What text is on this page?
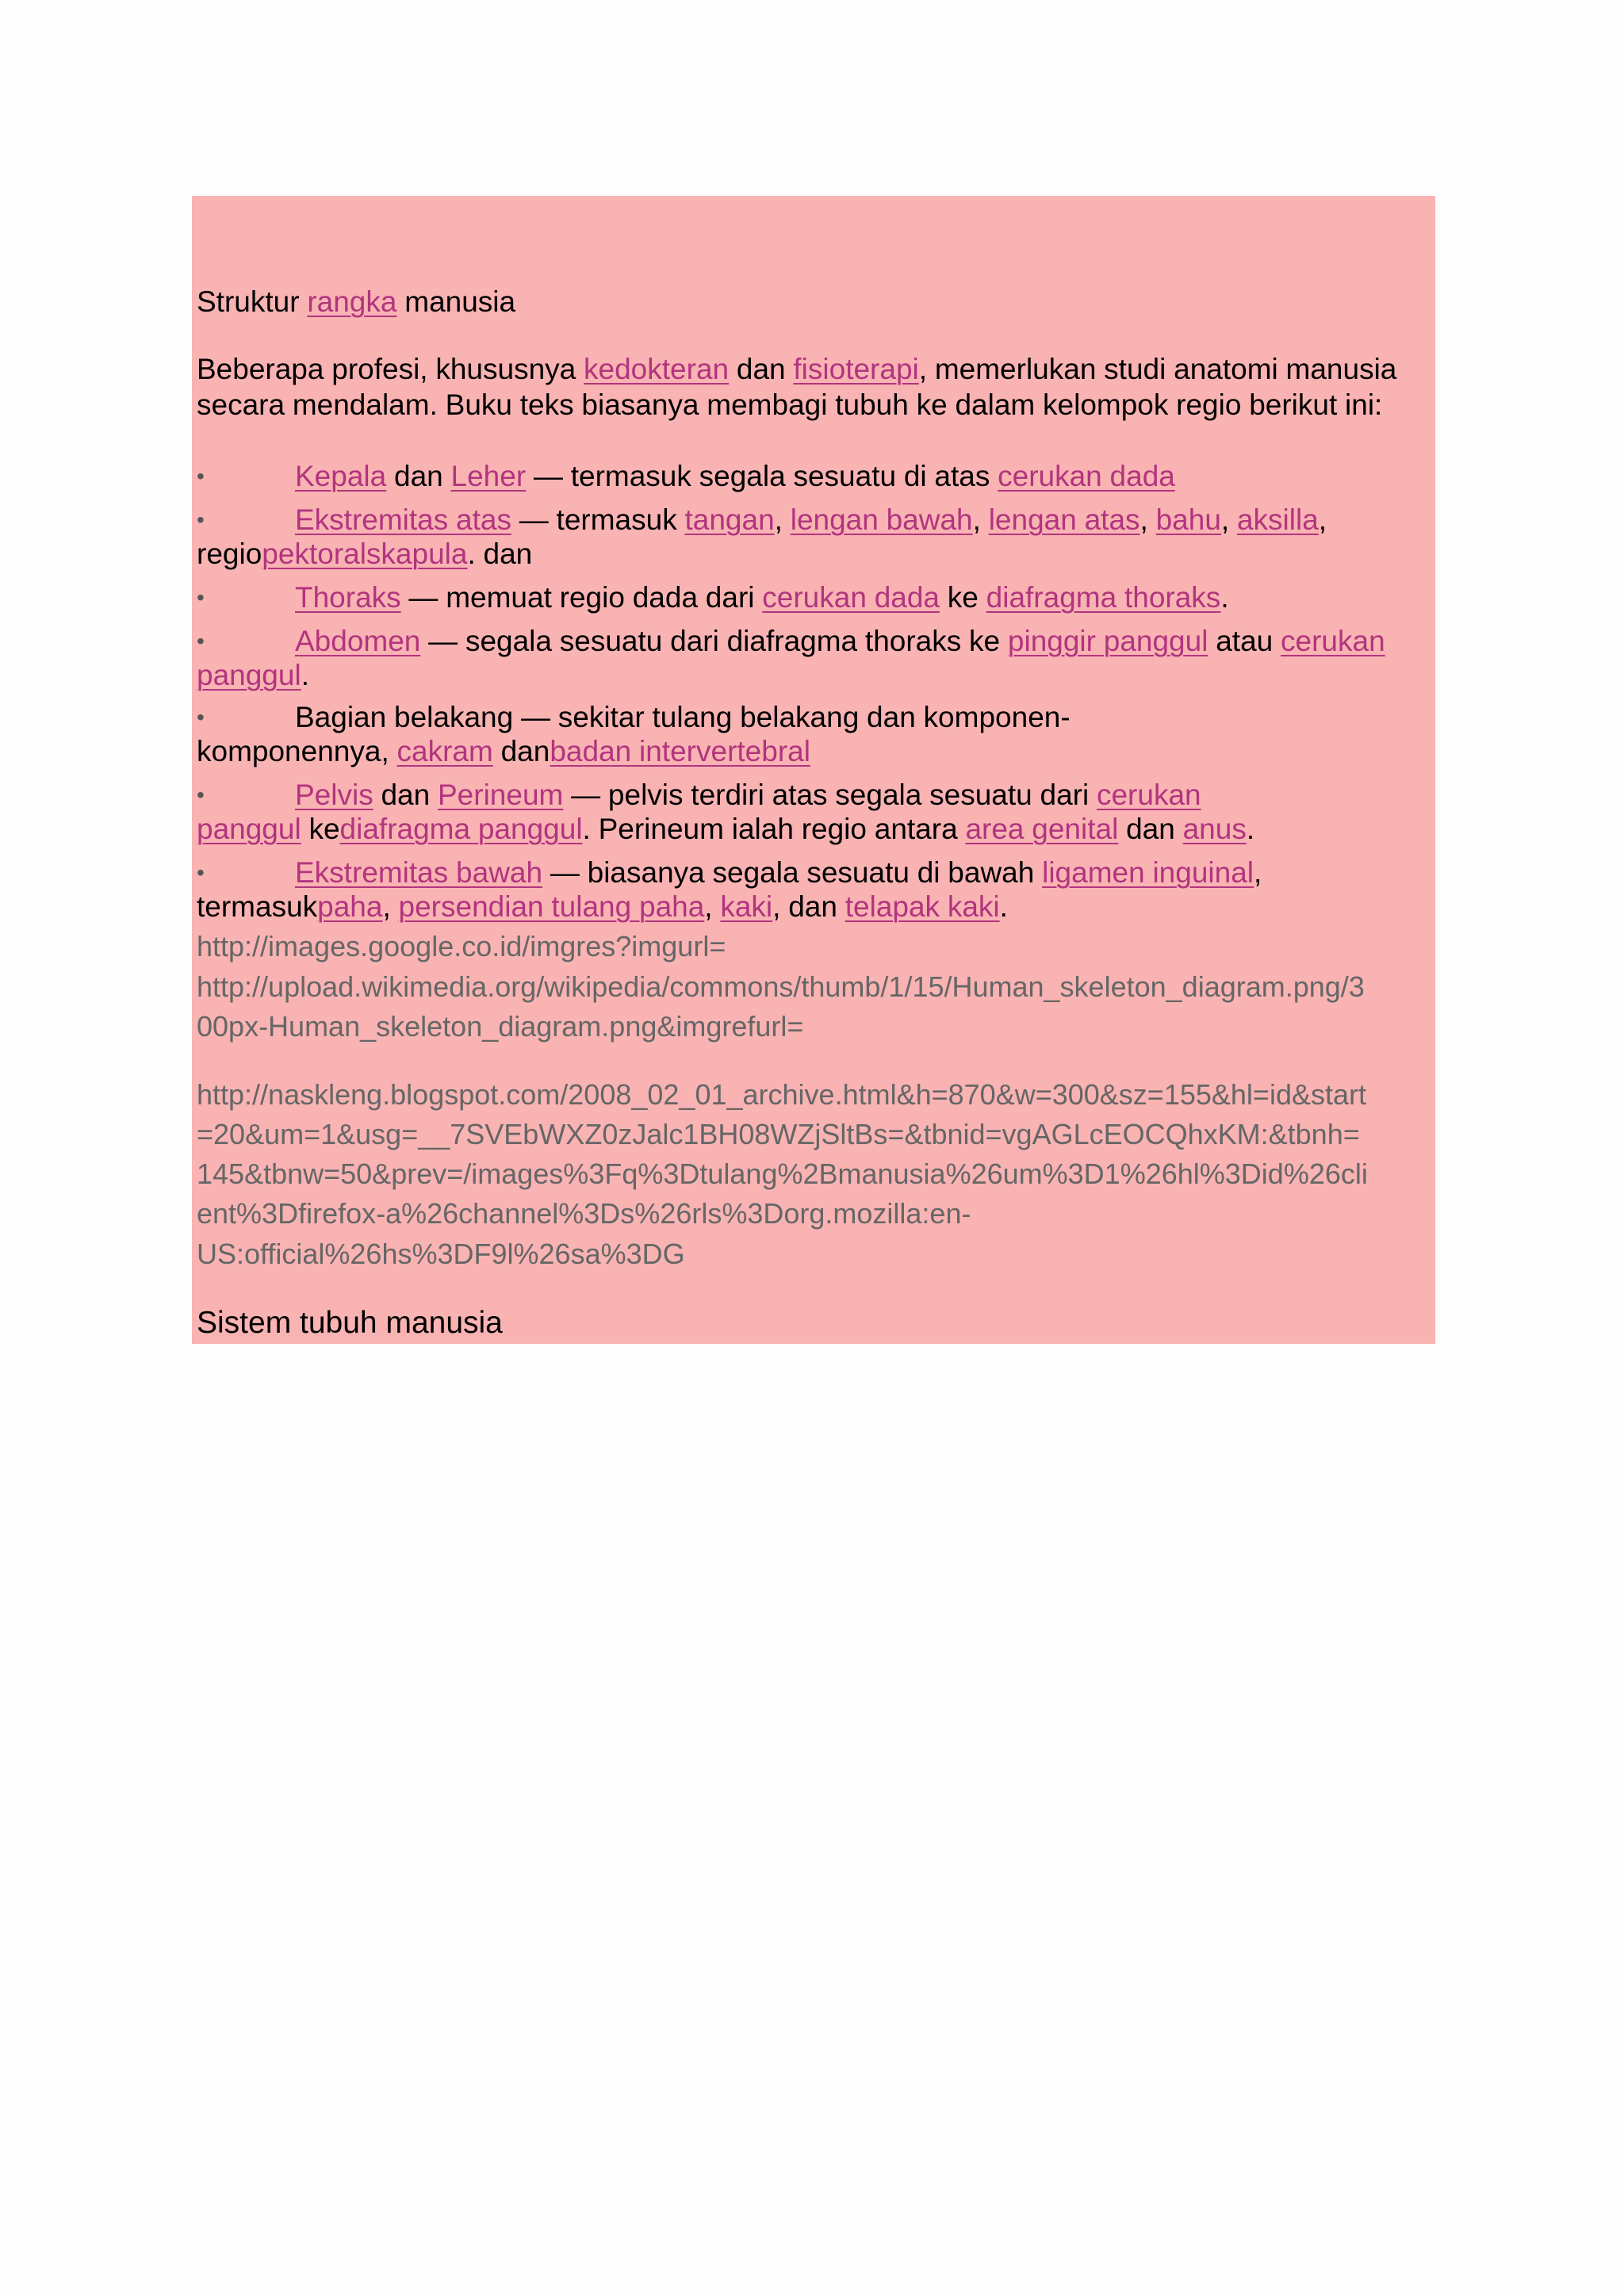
Struktur rangka manusia
Beberapa profesi, khususnya kedokteran dan fisioterapi, memerlukan studi anatomi manusia
secara mendalam. Buku teks biasanya membagi tubuh ke dalam kelompok regio berikut ini:
•	Kepala dan Leher — termasuk segala sesuatu di atas cerukan dada
•	Ekstremitas atas — termasuk tangan, lengan bawah, lengan atas, bahu, aksilla,
regiopektoralskapula. dan
•	Thoraks — memuat regio dada dari cerukan dada ke diafragma thoraks.
•	Abdomen — segala sesuatu dari diafragma thoraks ke pinggir panggul atau cerukan
panggul.
•	Bagian belakang — sekitar tulang belakang dan komponen-
komponennya, cakram danbadan intervertebral
•	Pelvis dan Perineum — pelvis terdiri atas segala sesuatu dari cerukan
panggul kediafragma panggul. Perineum ialah regio antara area genital dan anus.
•	Ekstremitas bawah — biasanya segala sesuatu di bawah ligamen inguinal,
termasukpaha, persendian tulang paha, kaki, dan telapak kaki.
http://images.google.co.id/imgres?imgurl=
http://upload.wikimedia.org/wikipedia/commons/thumb/1/15/Human_skeleton_diagram.png/3
00px-Human_skeleton_diagram.png&imgrefurl=
http://naskleng.blogspot.com/2008_02_01_archive.html&h=870&w=300&sz=155&hl=id&start
=20&um=1&usg=__7SVEbWXZ0zJalc1BH08WZjSltBs=&tbnid=vgAGLcEOCQhxKM:&tbnh=
145&tbnw=50&prev=/images%3Fq%3Dtulang%2Bmanusia%26um%3D1%26hl%3Did%26cli
ent%3Dfirefox-a%26channel%3Ds%26rls%3Dorg.mozilla:en-
US:official%26hs%3DF9l%26sa%3DG
Sistem tubuh manusia
